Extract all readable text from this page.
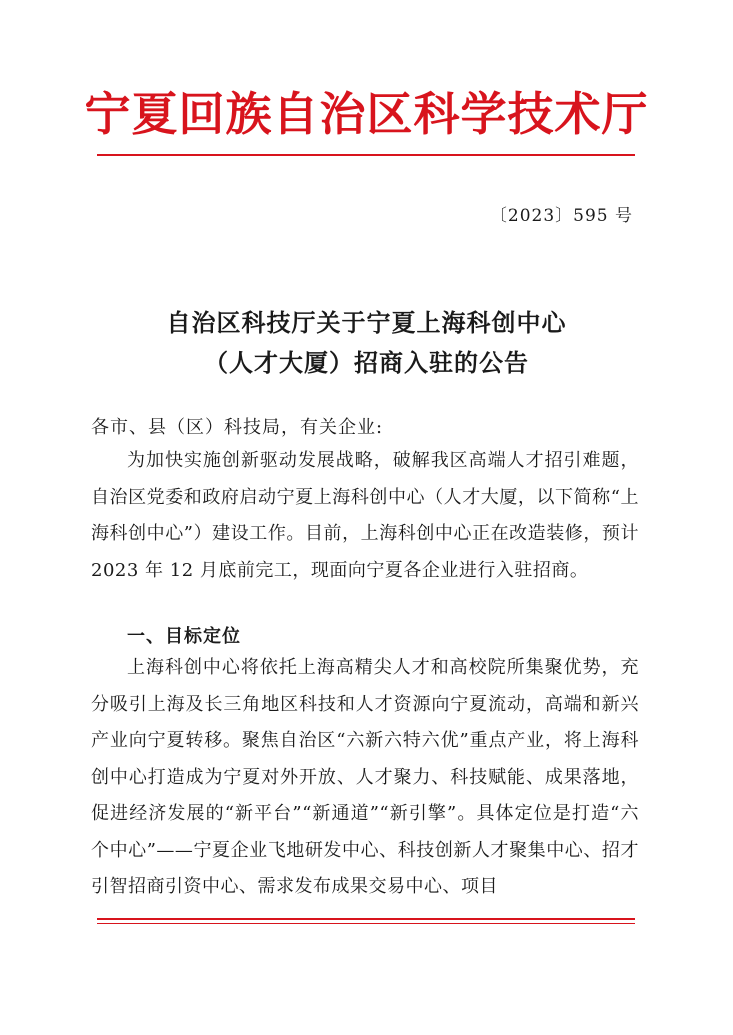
宁夏回族自治区科学技术厅
〔2023〕595 号
自治区科技厅关于宁夏上海科创中心
（人才大厦）招商入驻的公告
各市、县（区）科技局，有关企业:

为加快实施创新驱动发展战略，破解我区高端人才招引难题，自治区党委和政府启动宁夏上海科创中心（人才大厦，以下简称“上海科创中心”）建设工作。目前，上海科创中心正在改造装修，预计 2023 年 12 月底前完工，现面向宁夏各企业进行入驻招商。

一、目标定位

上海科创中心将依托上海高精尖人才和高校院所集聚优势，充分吸引上海及长三角地区科技和人才资源向宁夏流动，高端和新兴产业向宁夏转移。聚焦自治区“六新六特六优”重点产业，将上海科创中心打造成为宁夏对外开放、人才聚力、科技赋能、成果落地，促进经济发展的“新平台”“新通道”“新引擎”。具体定位是打造“六个中心”——宁夏企业飞地研发中心、科技创新人才聚集中心、招才引智招商引资中心、需求发布成果交易中心、项目
